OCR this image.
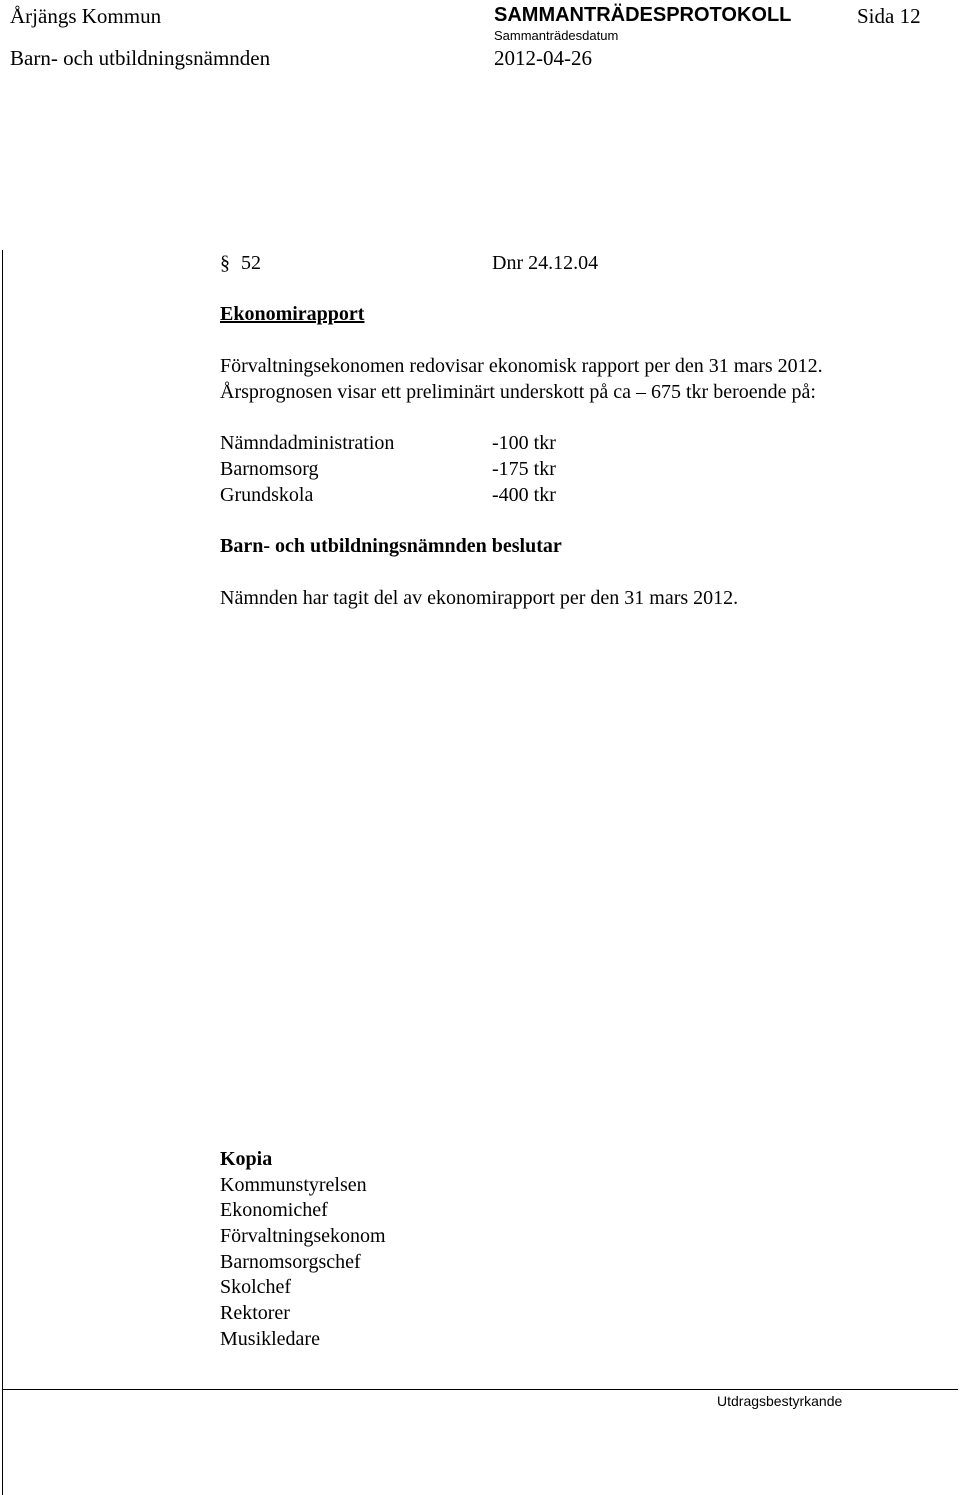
Årjängs Kommun	SAMMANTRÄDESPROTOKOLL	Sida 12
Barn- och utbildningsnämnden
Sammanträdesdatum
2012-04-26
§ 52	Dnr 24.12.04
Ekonomirapport
Förvaltningsekonomen redovisar ekonomisk rapport per den 31 mars 2012.
Årsprognosen visar ett preliminärt underskott på ca – 675 tkr beroende på:
Nämndadministration	-100 tkr
Barnomsorg	-175 tkr
Grundskola	-400 tkr
Barn- och utbildningsnämnden beslutar
Nämnden har tagit del av ekonomirapport per den 31 mars 2012.
Kopia
Kommunstyrelsen
Ekonomichef
Förvaltningsekonom
Barnomsorgschef
Skolchef
Rektorer
Musikledare
Utdragsbestyrkande
